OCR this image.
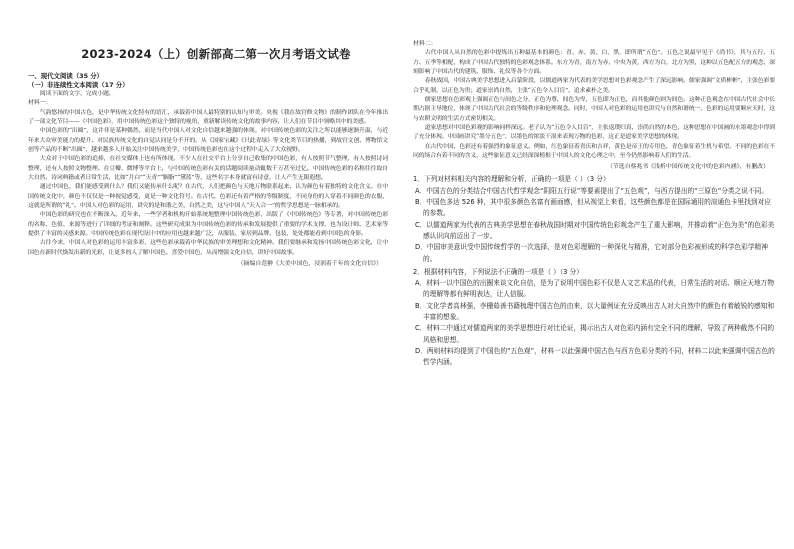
2023-2024（上）创新部高二第一次月考语文试卷
一、现代文阅读（35 分）
（一）非连续性文本阅读（17 分）

阅读下面的文字，完成小题。

材料一：

气韵悠扬的中国古色，是中华传统文化特有的语汇，承载着中国人最特别的认知与审美。央视《我在故宫修文物》的制作团队在今年推出了一部文化节目——《中国色彩》，用中国传统色彩这个独特的视角，重新解读传统文化的故事内容，让人们在节目中领略其中的美感。

中国色彩的“出圈”，这并非是某种偶然，而是当代中国人对文化自信越来越强的体现。对中国传统色彩的关注之所以能够逐渐升温，与近年来大众审美能力的提升、对民族传统文化的自觉认同是分不开的。从《国家宝藏》《只此青绿》等文化类节目的热播，到故宫文创、博物馆文创等产品的不断“出圈”，越来越多人开始关注中国传统美学，中国传统色彩也在这个过程中走入了大众视野。

大众对于中国色彩的追捧，在社交媒体上也有所体现。不少人在社交平台上分享自己收集的中国色彩，有人按照节气整理，有人按照诗词整理，还有人按照文物整理。在豆瓣、微博等平台上，与中国传统色彩有关的话题阅读量动辄数千万甚至过亿。中国传统色彩的名称往往取自大自然、诗词典籍或者日常生活，比如“月白”“天青”“胭脂”“黛蓝”等，这些名字本身就富有诗意，让人产生无限遐想。

通过中国色，我们能感受到什么？我们又能传承什么呢？在古代，人们把颜色与天地万物联系起来，认为颜色有着独特的文化含义。在中国传统文化中，颜色不仅仅是一种视觉感受，更是一种文化符号。在古代，色彩还有着严格的等级制度，不同身份的人穿着不同颜色的衣服，这就是所谓的“礼”。中国人对色彩的运用，讲究的是和谐之美、自然之美，这与中国人“天人合一”的哲学思想是一脉相承的。

中国色彩的研究也在不断深入。近年来，一些学者和机构开始系统地整理中国传统色彩，出版了《中国传统色》等专著，对中国传统色彩的名称、色值、来源等进行了详细的考证和阐释。这些研究成果为中国传统色彩的传承和发展提供了重要的学术支撑，也为设计师、艺术家等提供了丰富的灵感来源。中国传统色彩在现代设计中的应用也越来越广泛，从服装、家居到品牌、包装，处处都能看到中国色的身影。

古往今来，中国人对色彩的运用丰富多彩，这些色彩承载着中华民族的审美理想和文化精神。我们要继承和发扬中国传统色彩文化，让中国色在新时代焕发出新的光彩，让更多的人了解中国色、喜爱中国色，从而增强文化自信，讲好中国故事。

（摘编自范翀《大美中国色，浸润着千年的文化自信》）

材料二：

古代中国人从自然的色彩中提炼出五种最基本的颜色：青、赤、黄、白、黑，即所谓“五色”。五色之说最早见于《尚书》，其与五行、五方、五季等相配，构成了中国古代独特的色彩观念体系。东方为青，南方为赤，中央为黄，西方为白，北方为黑，这种以五色配五方的观念，深刻影响了中国古代的建筑、服饰、礼仪等各个方面。

春秋战国，中国古典美学思想进入启蒙阶段，以儒道两家为代表的美学思想对色彩观念产生了深远影响。儒家强调“文质彬彬”，主张色彩要合乎礼制，以正色为贵；道家崇尚自然，主张“五色令人目盲”，追求素朴之美。

儒家思想在色彩观上强调正色与间色之分，正色为尊，间色为卑，五色即为正色，而其他颜色则为间色。这种正色观念在中国古代社会中长期占据主导地位，体现了中国古代社会的等级秩序和伦理观念。同时，中国人对色彩的运用也讲究与自然和谐统一，色彩的运用要顺应天时，这与农耕文明的生活方式密切相关。

道家思想对中国色彩观的影响同样深远。老子认为“五色令人目盲”，主张返璞归真，崇尚自然的本色，这种思想在中国画的水墨观念中得到了充分体现。中国画讲究“墨分五色”，以墨色的浓淡干湿来表现万物的色彩，这正是道家美学思想的体现。

在古代中国，色彩还有着强烈的象征意义。例如，红色象征着喜庆和吉祥，黄色是帝王的专用色，青色象征着生机与希望。不同的色彩在不同的场合有着不同的含义，这些象征意义已经深深植根于中国人的文化心理之中，至今仍然影响着人们的生活。

（节选自蔡兆书《浅析中国传统文化中的色彩内涵》，有删改）

1．下列对材料相关内容的理解和分析，正确的一项是（ ）（3 分）

A．中国古色的分类结合中国古代哲学观念“阴阳五行说”等要素提出了“五色观”，与西方提出的“三原色”分类之说不同。

B．中国色多达 526 种，其中很多颜色名富有画面感，但从视觉上来看，这些颜色都是在国际通用的渲通色卡里找到对应的参数。

C．以儒道两家为代表的古典美学思想在春秋战国时期对中国传统色彩观念产生了重大影响，并推动着“正色为美”的色彩美感认识向前迈出了一步。

D．中国审美意识受中国传统哲学的一次选择，是对色彩理解的一种深化与精准，它对部分色彩被形成的科学色彩学精神的。

2．根据材料内容，下列说法不正确的一项是（ ）（3 分）

A．材料一以中国色的出圈来谈文化自信，是为了说明中国色彩不仅是人文艺术品的代表，日常生活的对话、顺应天地万物的理解等都有鲜明表达，让人信服。

B．文化学者高林强，李栅茹善书籍梳理中国古色的由来，以大量例证充分反映出古人对大自然中的颜色有着敏锐的感知和丰富的想象。

C．材料二中通过对儒道两家的美学思想进行对比论证，揭示出古人对色彩内涵有完全不同的理解，导致了两种截然不同的风格和思想。

D．两则材料均提到了中国色的“五色观”，材料一以此强调中国古色与西方色彩分类的不同，材料二以此来强调中国古色的哲学内涵。
